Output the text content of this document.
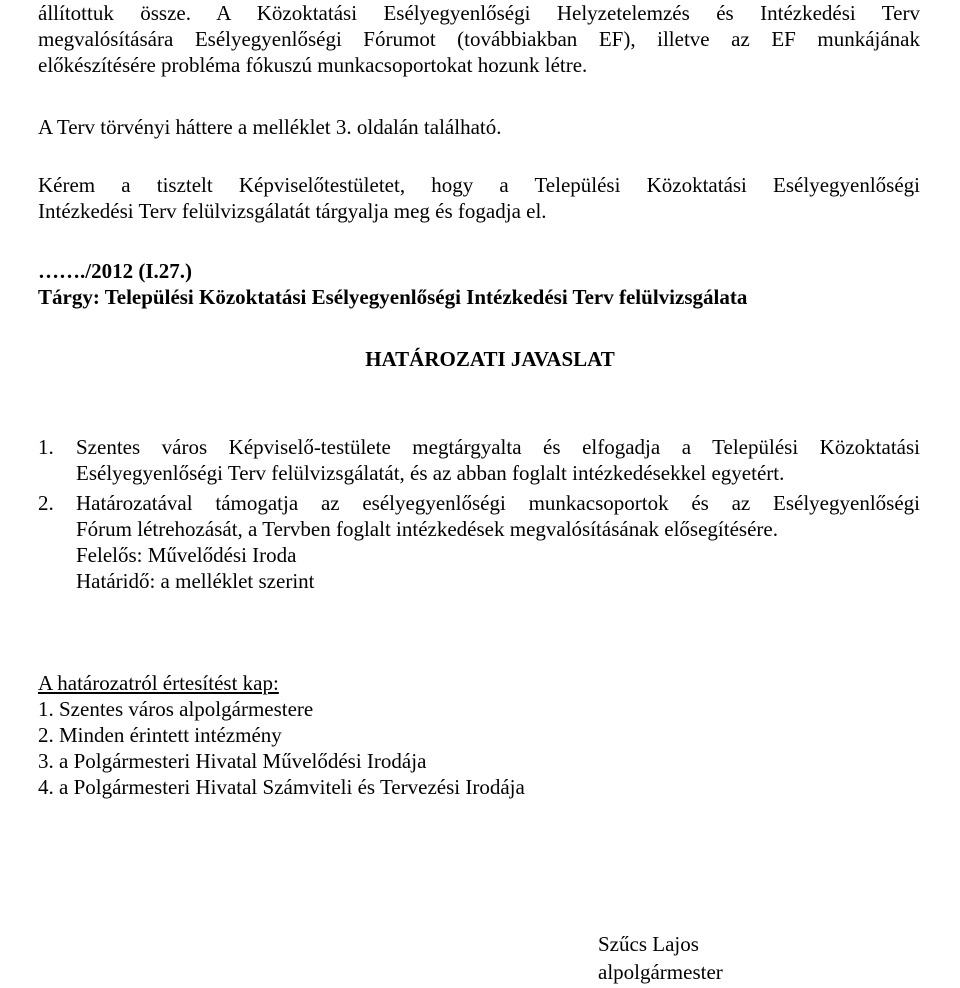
állítottuk össze. A Közoktatási Esélyegyenlőségi Helyzetelemzés és Intézkedési Terv
megvalósítására Esélyegyenlőségi Fórumot (továbbiakban EF), illetve az EF munkájának
előkészítésére probléma fókuszú munkacsoportokat hozunk létre.
A Terv törvényi háttere a melléklet 3. oldalán található.
Kérem a tisztelt Képviselőtestületet, hogy a Települési Közoktatási Esélyegyenlőségi
Intézkedési Terv felülvizsgálatát tárgyalja meg és fogadja el.
……./2012 (I.27.)
Tárgy: Települési Közoktatási Esélyegyenlőségi Intézkedési Terv felülvizsgálata
HATÁROZATI JAVASLAT
1.	Szentes város Képviselő-testülete megtárgyalta és elfogadja a Települési Közoktatási
Esélyegyenlőségi Terv felülvizsgálatát, és az abban foglalt intézkedésekkel egyetért.
2.	Határozatával támogatja az esélyegyenlőségi munkacsoportok és az Esélyegyenlőségi
Fórum létrehozását, a Tervben foglalt intézkedések megvalósításának elősegítésére.
Felelős: Művelődési Iroda
Határidő: a melléklet szerint
A határozatról értesítést kap:
1. Szentes város alpolgármestere
2. Minden érintett intézmény
3. a Polgármesteri Hivatal Művelődési Irodája
4. a Polgármesteri Hivatal Számviteli és Tervezési Irodája
Szűcs Lajos
alpolgármester
